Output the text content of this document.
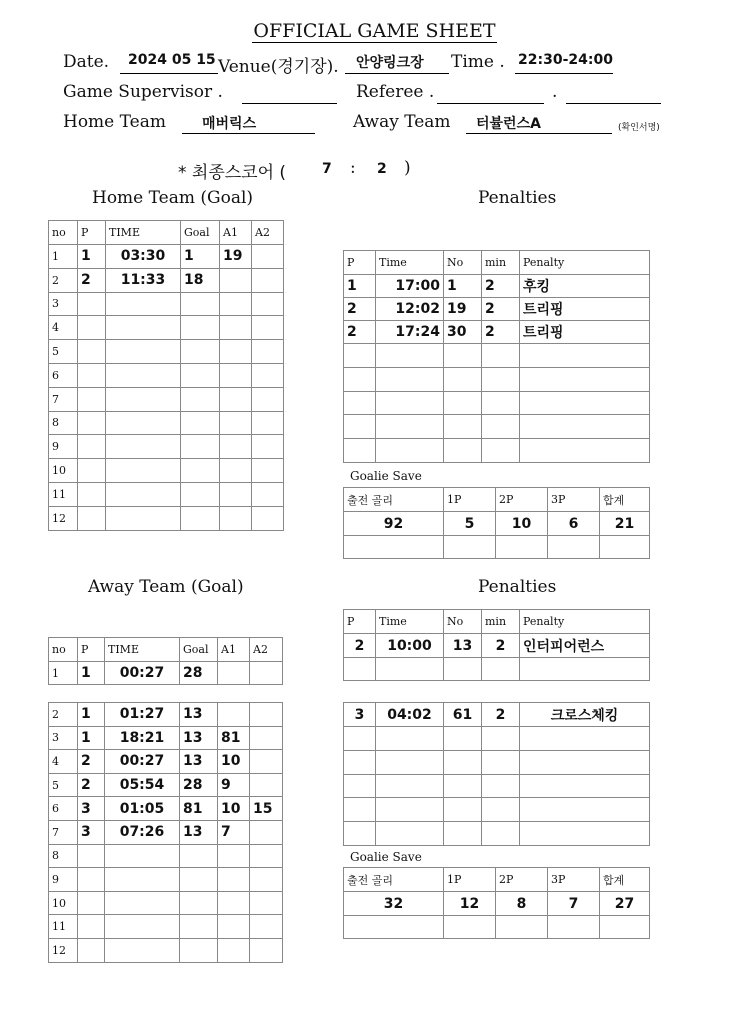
OFFICIAL GAME SHEET
Date. 2024 05 15 Venue(경기장). 안양링크장 Time . 22:30-24:00
Game Supervisor .	Referee .	.
Home Team	매버릭스	Away Team 터뷸런스A	(확인서명)
* 최종스코어 (	7 : 2 )
Home Team (Goal)	Penalties
Away Team (Goal)	Penalties
no	P	TIME	Goal	A1	A2
1	1	03:30	1	19	
2	2	11:33	18		
3					
4					
5					
6					
7					
8					
9					
10					
11					
12					
P	Time	No	min	Penalty
1	17:00	1	2	후킹
2	12:02	19	2	트리핑
2	17:24	30	2	트리핑

Goalie Save
출전 골리	1P	2P	3P	합계
92	5	10	6	21

no	P	TIME	Goal	A1	A2
1	1	00:27	28		
2	1	01:27	13		
3	1	18:21	13	81	
4	2	00:27	13	10	
5	2	05:54	28	9	
6	3	01:05	81	10	15
7	3	07:26	13	7	
8					
9					
10					
11					
12					
P	Time	No	min	Penalty
2	10:00	13	2	인터피어런스

3	04:02	61	2	크로스체킹

Goalie Save
출전 골리	1P	2P	3P	합계
32	12	8	7	27
